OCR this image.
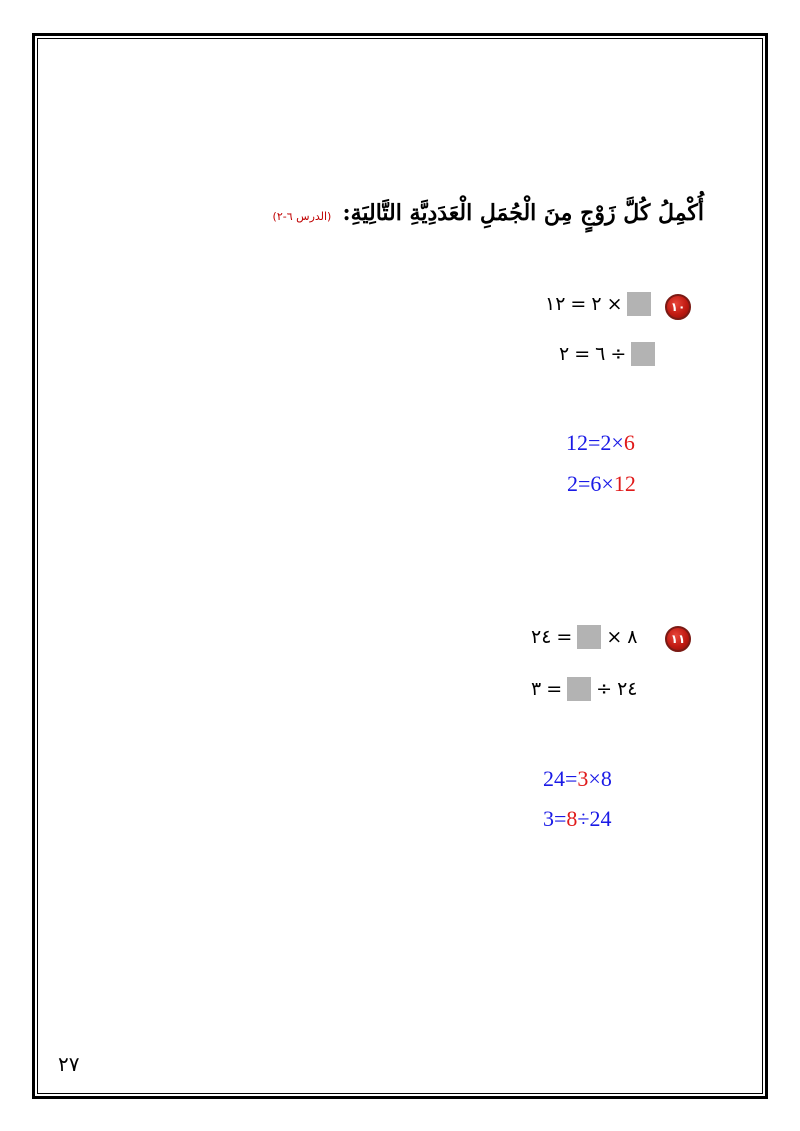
أُكْمِلُ كُلَّ زَوْجٍ مِنَ الْجُمَلِ الْعَدَدِيَّةِ التَّالِيَةِ: (الدرس ٦-٢)
١٠
١٢ = ٢ ×
٢ = ٦ ÷
12=2×6
2=6×12
١١
٢٤ = × ٨
٣ = ÷ ٢٤
24=3×8
3=8÷24
٢٧
